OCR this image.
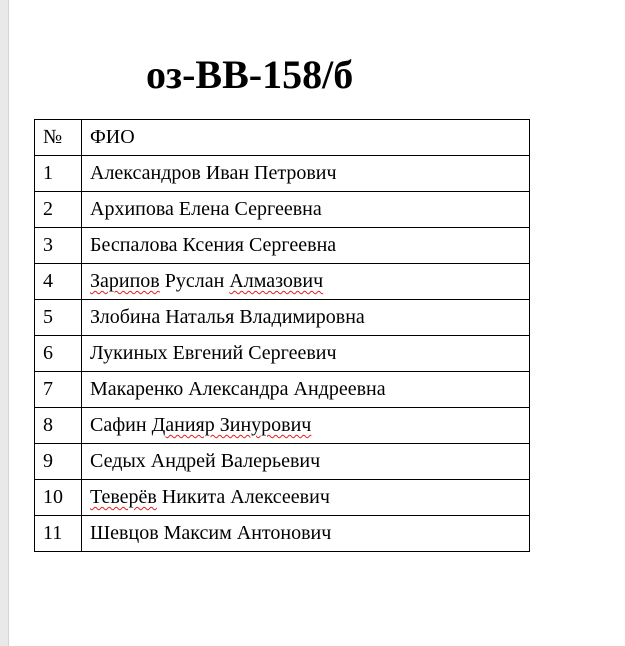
оз-ВВ-158/б
№	ФИО
1	Александров Иван Петрович
2	Архипова Елена Сергеевна
3	Беспалова Ксения Сергеевна
4	Зарипов Руслан Алмазович
5	Злобина Наталья Владимировна
6	Лукиных Евгений Сергеевич
7	Макаренко Александра Андреевна
8	Сафин Данияр Зинурович
9	Седых Андрей Валерьевич
10	Теверёв Никита Алексеевич
11	Шевцов Максим Антонович
